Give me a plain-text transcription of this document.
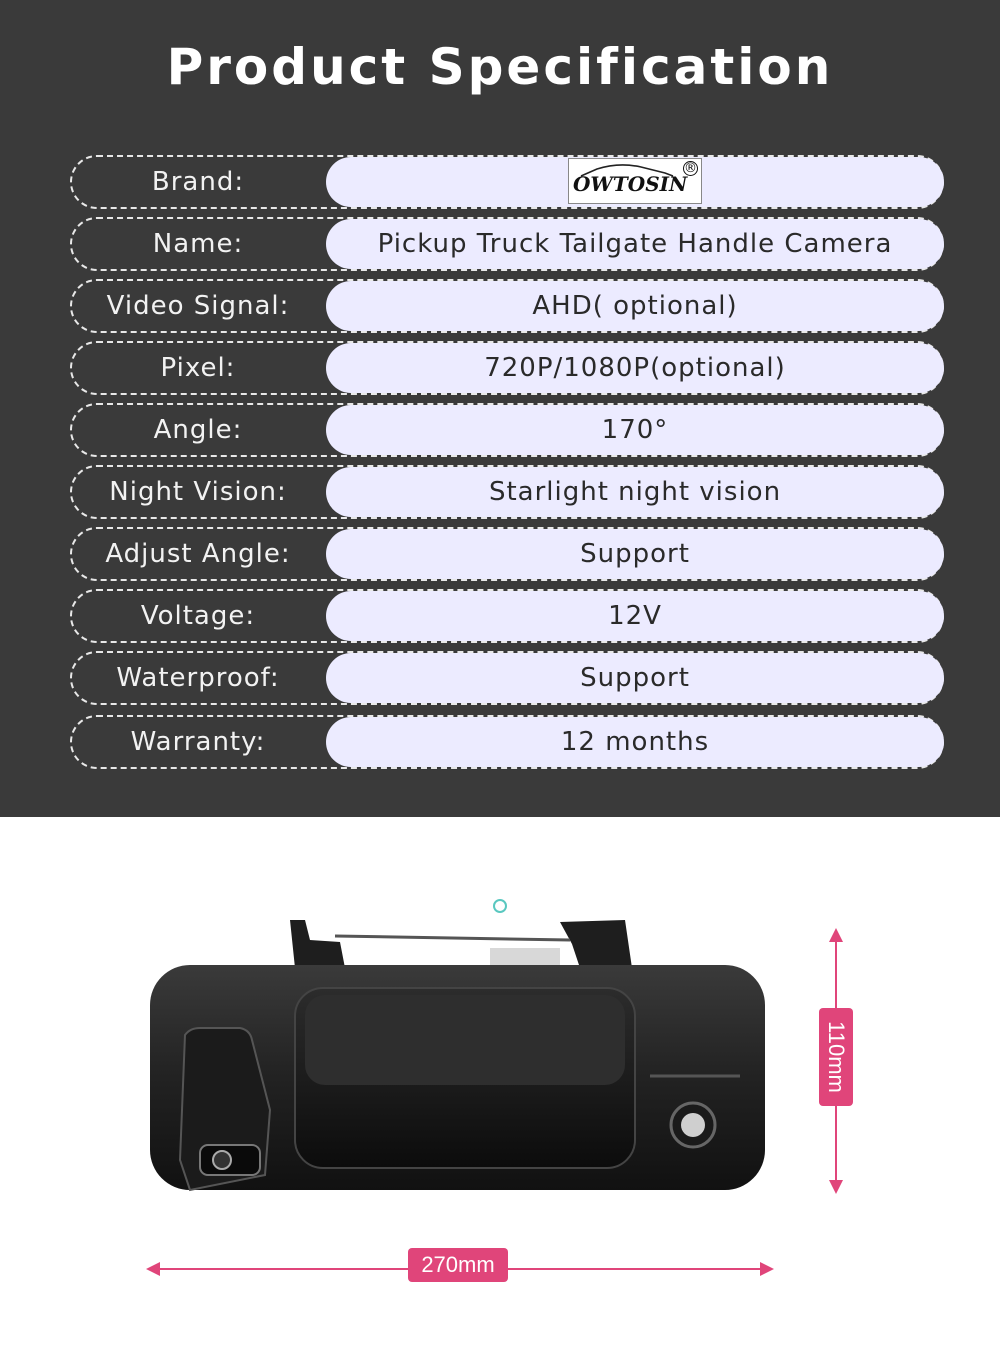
Product Specification
Brand:	OWTOSIN
®
Name:	Pickup Truck Tailgate Handle Camera
Video Signal:	AHD( optional)
Pixel:	720P/1080P(optional)
Angle:	170°
Night Vision:	Starlight night vision
Adjust Angle:	Support
Voltage:	12V
Waterproof:	Support
Warranty:	12 months
270mm
110mm
